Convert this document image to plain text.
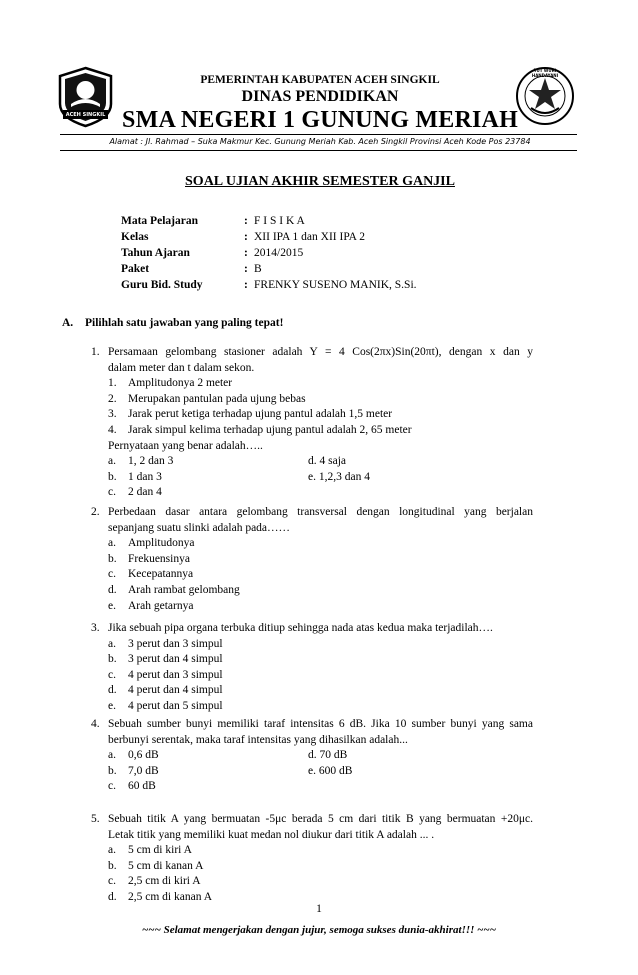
ACEH SINGKIL
TUT WURI HANDAYANI
PEMERINTAH KABUPATEN ACEH SINGKIL
DINAS PENDIDIKAN
SMA NEGERI 1 GUNUNG MERIAH
Alamat : Jl. Rahmad – Suka Makmur Kec. Gunung Meriah Kab. Aceh Singkil Provinsi Aceh Kode Pos 23784
SOAL UJIAN AKHIR SEMESTER GANJIL
Mata Pelajaran	: F I S I K A
Kelas	: XII IPA 1 dan XII IPA 2
Tahun Ajaran	: 2014/2015
Paket	: B
Guru Bid. Study	: FRENKY SUSENO MANIK, S.Si.
A. Pilihlah satu jawaban yang paling tepat!
1. Persamaan gelombang stasioner adalah Y = 4 Cos(2πx)Sin(20πt), dengan x dan y
dalam meter dan t dalam sekon.
1. Amplitudonya 2 meter
2. Merupakan pantulan pada ujung bebas
3. Jarak perut ketiga terhadap ujung pantul adalah 1,5 meter
4. Jarak simpul kelima terhadap ujung pantul adalah 2, 65 meter
Pernyataan yang benar adalah…..
a. 1, 2 dan 3	d. 4 saja
b. 1 dan 3	e. 1,2,3 dan 4
c. 2 dan 4
2. Perbedaan dasar antara gelombang transversal dengan longitudinal yang berjalan
sepanjang suatu slinki adalah pada……
a. Amplitudonya
b. Frekuensinya
c. Kecepatannya
d. Arah rambat gelombang
e. Arah getarnya
3. Jika sebuah pipa organa terbuka ditiup sehingga nada atas kedua maka terjadilah….
a. 3 perut dan 3 simpul
b. 3 perut dan 4 simpul
c. 4 perut dan 3 simpul
d. 4 perut dan 4 simpul
e. 4 perut dan 5 simpul
4. Sebuah sumber bunyi memiliki taraf intensitas 6 dB. Jika 10 sumber bunyi yang sama
berbunyi serentak, maka taraf intensitas yang dihasilkan adalah...
a. 0,6 dB	d. 70 dB
b. 7,0 dB	e. 600 dB
c. 60 dB
5. Sebuah titik A yang bermuatan -5μc berada 5 cm dari titik B yang bermuatan +20μc.
Letak titik yang memiliki kuat medan nol diukur dari titik A adalah ... .
a. 5 cm di kiri A
b. 5 cm di kanan A
c. 2,5 cm di kiri A
d. 2,5 cm di kanan A
1
~~~ Selamat mengerjakan dengan jujur, semoga sukses dunia-akhirat!!! ~~~
